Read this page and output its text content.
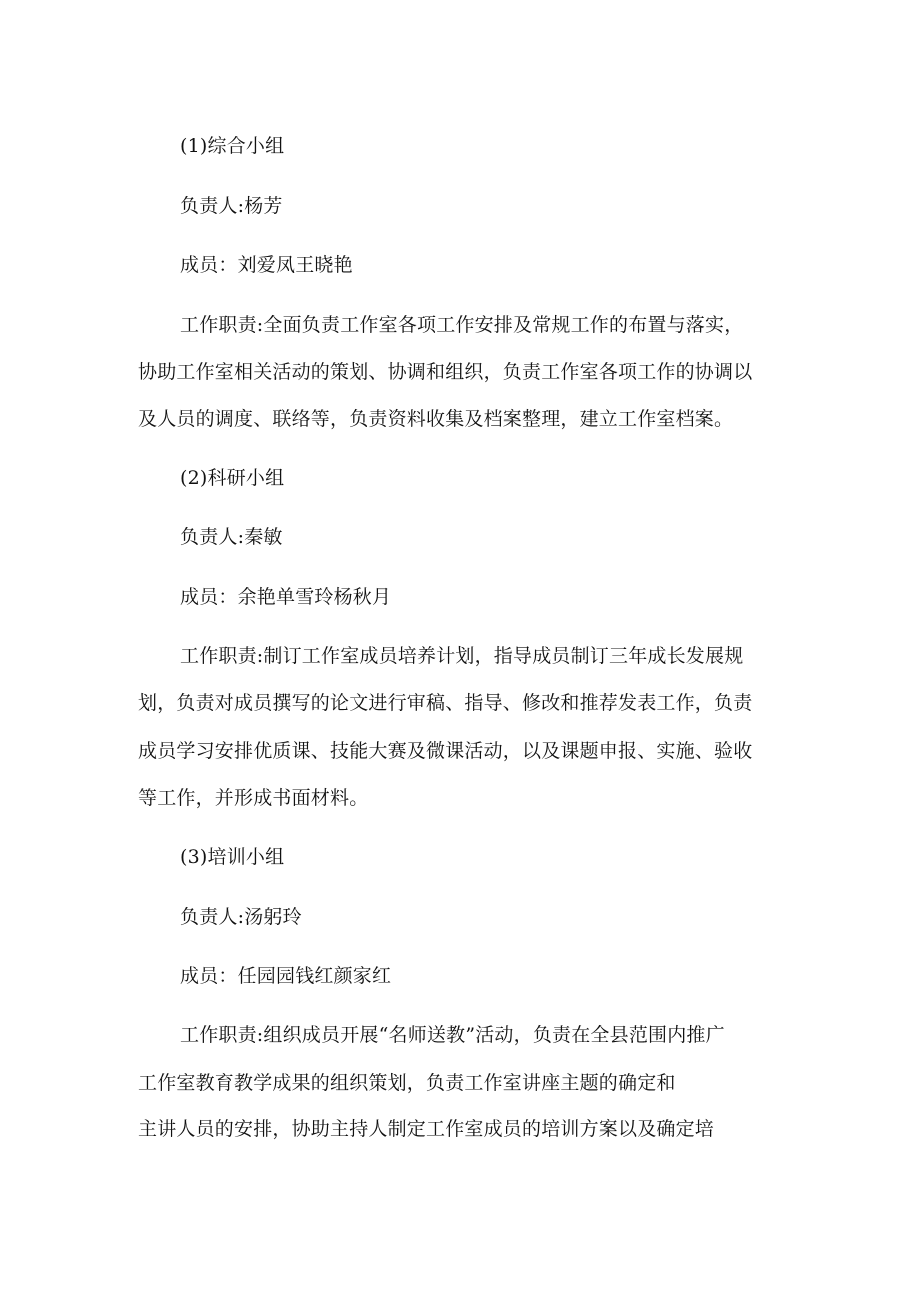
(1)综合小组
负责人:杨芳
成员：刘爱凤王晓艳
工作职责:全面负责工作室各项工作安排及常规工作的布置与落实，
协助工作室相关活动的策划、协调和组织，负责工作室各项工作的协调以
及人员的调度、联络等，负责资料收集及档案整理，建立工作室档案。
(2)科研小组
负责人:秦敏
成员：余艳单雪玲杨秋月
工作职责:制订工作室成员培养计划，指导成员制订三年成长发展规
划，负责对成员撰写的论文进行审稿、指导、修改和推荐发表工作，负责
成员学习安排优质课、技能大赛及微课活动，以及课题申报、实施、验收
等工作，并形成书面材料。
(3)培训小组
负责人:汤躬玲
成员：任园园钱红颜家红
工作职责:组织成员开展“名师送教”活动，负责在全县范围内推广
工作室教育教学成果的组织策划，负责工作室讲座主题的确定和
主讲人员的安排，协助主持人制定工作室成员的培训方案以及确定培
